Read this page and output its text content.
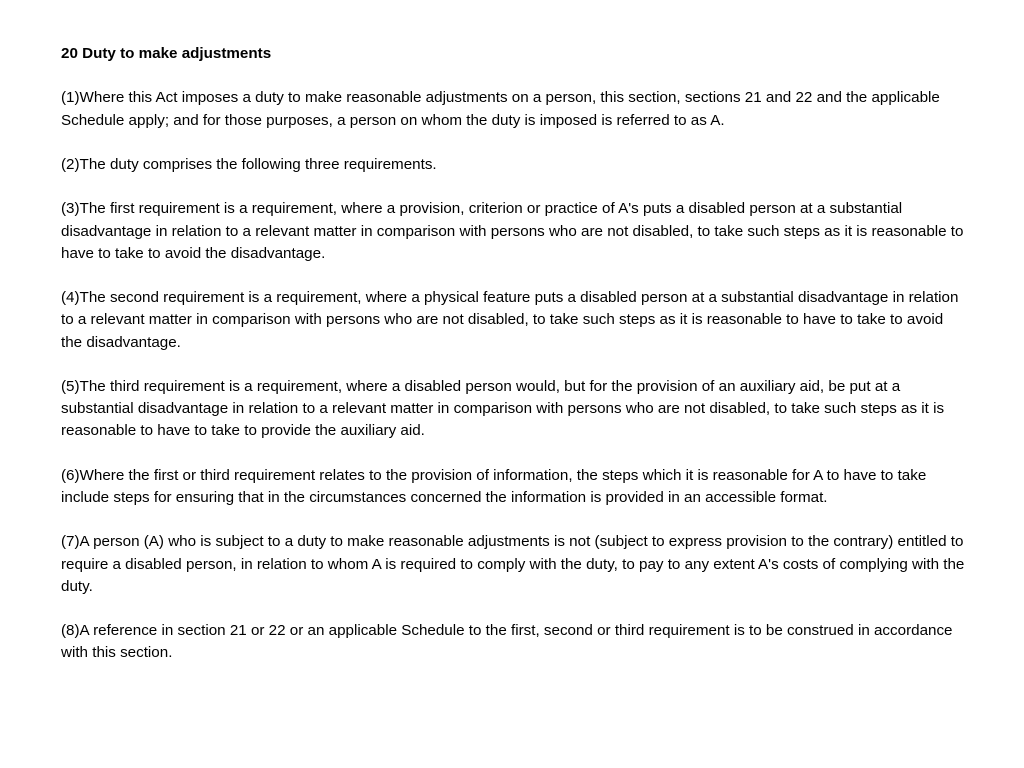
20 Duty to make adjustments

(1)Where this Act imposes a duty to make reasonable adjustments on a person, this section, sections 21 and 22 and the applicable Schedule apply; and for those purposes, a person on whom the duty is imposed is referred to as A.

(2)The duty comprises the following three requirements.

(3)The first requirement is a requirement, where a provision, criterion or practice of A's puts a disabled person at a substantial disadvantage in relation to a relevant matter in comparison with persons who are not disabled, to take such steps as it is reasonable to have to take to avoid the disadvantage.

(4)The second requirement is a requirement, where a physical feature puts a disabled person at a substantial disadvantage in relation to a relevant matter in comparison with persons who are not disabled, to take such steps as it is reasonable to have to take to avoid the disadvantage.

(5)The third requirement is a requirement, where a disabled person would, but for the provision of an auxiliary aid, be put at a substantial disadvantage in relation to a relevant matter in comparison with persons who are not disabled, to take such steps as it is reasonable to have to take to provide the auxiliary aid.

(6)Where the first or third requirement relates to the provision of information, the steps which it is reasonable for A to have to take include steps for ensuring that in the circumstances concerned the information is provided in an accessible format.

(7)A person (A) who is subject to a duty to make reasonable adjustments is not (subject to express provision to the contrary) entitled to require a disabled person, in relation to whom A is required to comply with the duty, to pay to any extent A's costs of complying with the duty.

(8)A reference in section 21 or 22 or an applicable Schedule to the first, second or third requirement is to be construed in accordance with this section.
